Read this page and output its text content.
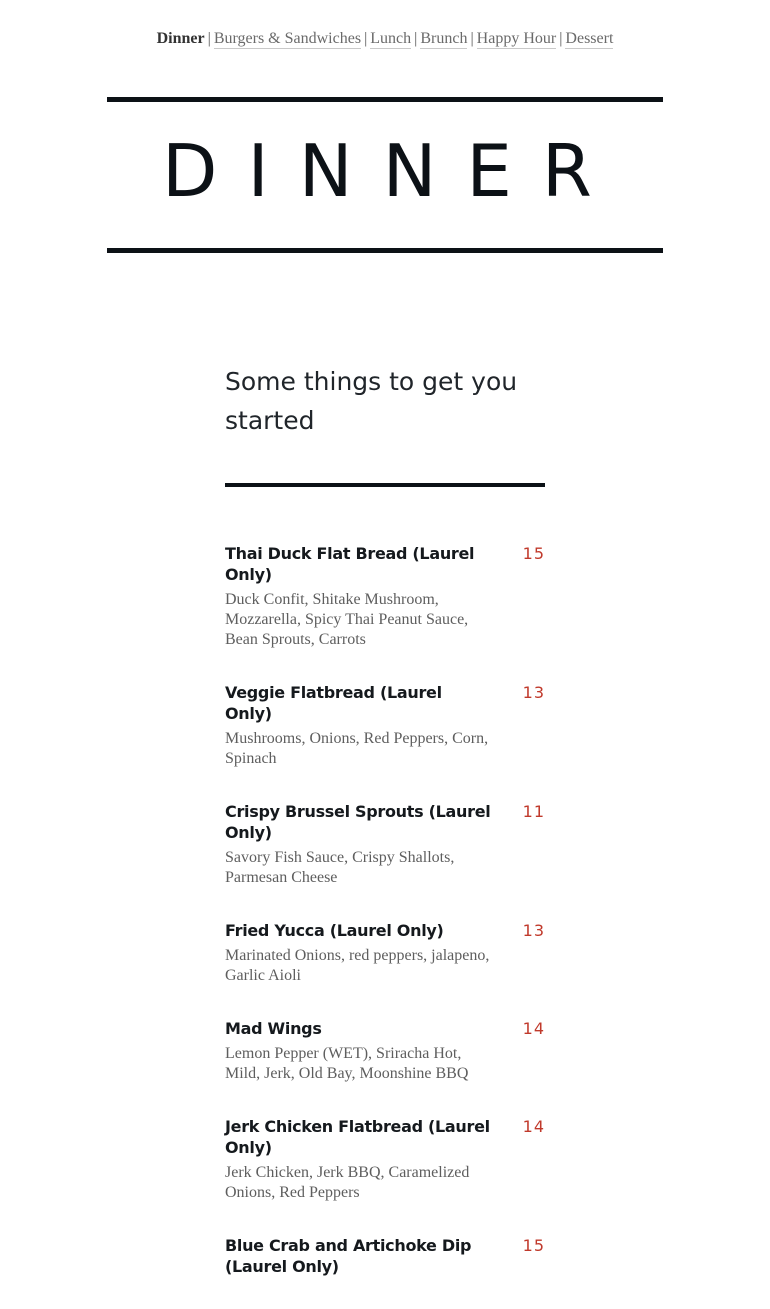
Dinner | Burgers & Sandwiches | Lunch | Brunch | Happy Hour | Dessert
DINNER
Some things to get you started
Thai Duck Flat Bread (Laurel Only)
15
Duck Confit, Shitake Mushroom, Mozzarella, Spicy Thai Peanut Sauce, Bean Sprouts, Carrots
Veggie Flatbread (Laurel Only)
13
Mushrooms, Onions, Red Peppers, Corn, Spinach
Crispy Brussel Sprouts (Laurel Only)
11
Savory Fish Sauce, Crispy Shallots, Parmesan Cheese
Fried Yucca (Laurel Only)	13
Marinated Onions, red peppers, jalapeno, Garlic Aioli
Mad Wings	14
Lemon Pepper (WET), Sriracha Hot, Mild, Jerk, Old Bay, Moonshine BBQ
Jerk Chicken Flatbread (Laurel Only)
14
Jerk Chicken, Jerk BBQ, Caramelized Onions, Red Peppers
Blue Crab and Artichoke Dip (Laurel Only)
15
